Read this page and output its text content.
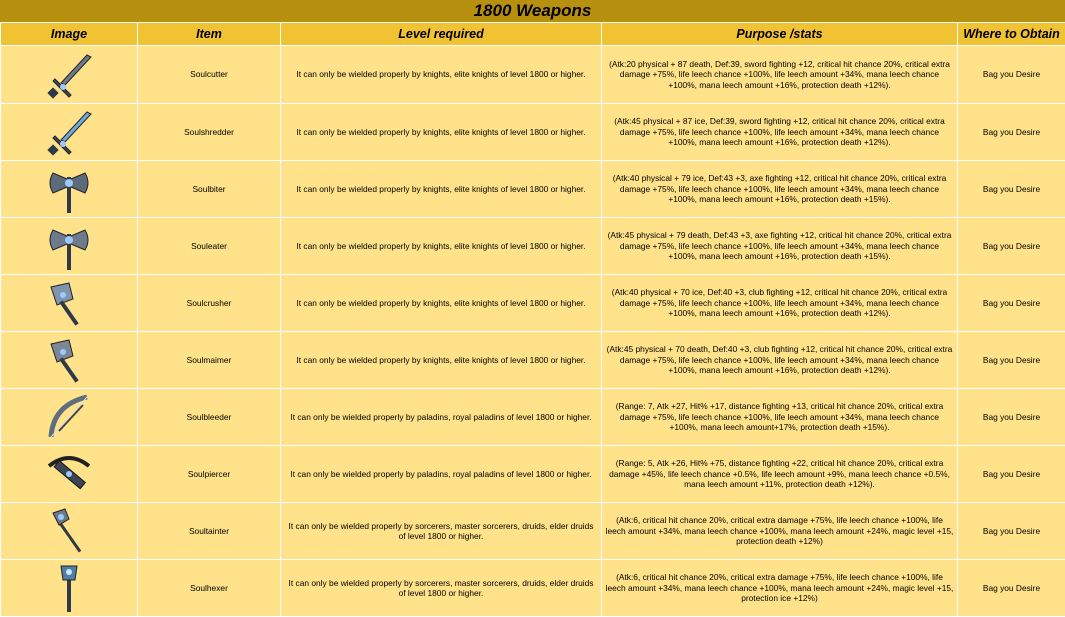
1800 Weapons
Image	Item	Level required	Purpose /stats	Where to Obtain

	Soulcutter	It can only be wielded properly by knights, elite knights of level 1800 or higher.	(Atk:20 physical + 87 death, Def:39, sword fighting +12, critical hit chance 20%, critical extra damage +75%, life leech chance +100%, life leech amount +34%, mana leech chance +100%, mana leech amount +16%, protection death +12%).	Bag you Desire

	Soulshredder	It can only be wielded properly by knights, elite knights of level 1800 or higher.	(Atk:45 physical + 87 ice, Def:39, sword fighting +12, critical hit chance 20%, critical extra damage +75%, life leech chance +100%, life leech amount +34%, mana leech chance +100%, mana leech amount +16%, protection death +12%).	Bag you Desire

	Soulbiter	It can only be wielded properly by knights, elite knights of level 1800 or higher.	(Atk:40 physical + 79 ice, Def:43 +3, axe fighting +12, critical hit chance 20%, critical extra damage +75%, life leech chance +100%, life leech amount +34%, mana leech chance +100%, mana leech amount +16%, protection death +15%).	Bag you Desire

	Souleater	It can only be wielded properly by knights, elite knights of level 1800 or higher.	(Atk:45 physical + 79 death, Def:43 +3, axe fighting +12, critical hit chance 20%, critical extra damage +75%, life leech chance +100%, life leech amount +34%, mana leech chance +100%, mana leech amount +16%, protection death +15%).	Bag you Desire

	Soulcrusher	It can only be wielded properly by knights, elite knights of level 1800 or higher.	(Atk:40 physical + 70 ice, Def:40 +3, club fighting +12, critical hit chance 20%, critical extra damage +75%, life leech chance +100%, life leech amount +34%, mana leech chance +100%, mana leech amount +16%, protection death +12%).	Bag you Desire

	Soulmaimer	It can only be wielded properly by knights, elite knights of level 1800 or higher.	(Atk:45 physical + 70 death, Def:40 +3, club fighting +12, critical hit chance 20%, critical extra damage +75%, life leech chance +100%, life leech amount +34%, mana leech chance +100%, mana leech amount +16%, protection death +12%).	Bag you Desire

	Soulbleeder	It can only be wielded properly by paladins, royal paladins of level 1800 or higher.	(Range: 7, Atk +27, Hit% +17, distance fighting +13, critical hit chance 20%, critical extra damage +75%, life leech chance +100%, life leech amount +34%, mana leech chance +100%, mana leech amount+17%, protection death +15%).	Bag you Desire

	Soulpiercer	It can only be wielded properly by paladins, royal paladins of level 1800 or higher.	(Range: 5, Atk +26, Hit% +75, distance fighting +22, critical hit chance 20%, critical extra damage +45%, life leech chance +0.5%, life leech amount +9%, mana leech chance +0.5%, mana leech amount +11%, protection death +12%).	Bag you Desire

	Soultainter	It can only be wielded properly by sorcerers, master sorcerers, druids, elder druids of level 1800 or higher.	(Atk:6, critical hit chance 20%, critical extra damage +75%, life leech chance +100%, life leech amount +34%, mana leech chance +100%, mana leech amount +24%, magic level +15, protection death +12%)	Bag you Desire

	Soulhexer	It can only be wielded properly by sorcerers, master sorcerers, druids, elder druids of level 1800 or higher.	(Atk:6, critical hit chance 20%, critical extra damage +75%, life leech chance +100%, life leech amount +34%, mana leech chance +100%, mana leech amount +24%, magic level +15, protection ice +12%)	Bag you Desire
